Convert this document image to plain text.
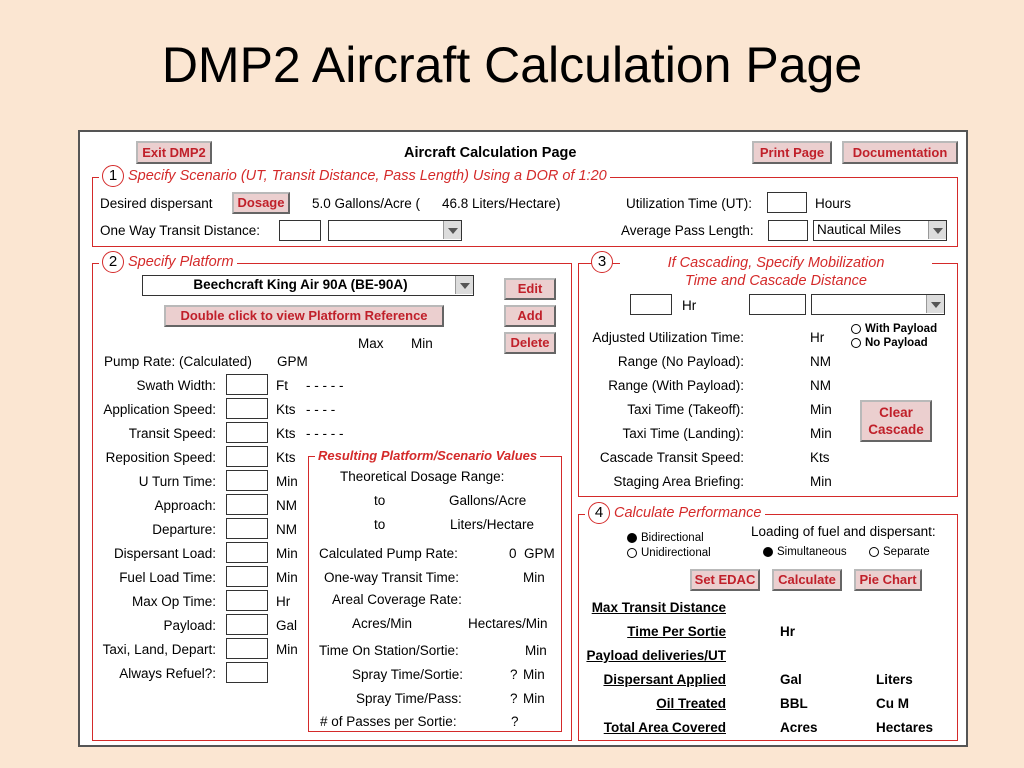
DMP2 Aircraft Calculation Page
Exit DMP2	Aircraft Calculation Page	Print Page	Documentation
1 Specify Scenario (UT, Transit Distance, Pass Length) Using a DOR of 1:20
Desired dispersant	Dosage	5.0 Gallons/Acre ( 46.8 Liters/Hectare)	Utilization Time (UT):	Hours
One Way Transit Distance:	Average Pass Length:	Nautical Miles
2 Specify Platform
Beechcraft King Air 90A (BE-90A)	Edit
Double click to view Platform Reference	Add
Delete
Max Min
Pump Rate: (Calculated) GPM
Swath Width:	Ft - - - - -
Application Speed:	Kts - - - -
Transit Speed:	Kts - - - - -
Reposition Speed:	Kts
U Turn Time:	Min
Approach:	NM
Departure:	NM
Dispersant Load:	Min
Fuel Load Time:	Min
Max Op Time:	Hr
Payload:	Gal
Taxi, Land, Depart:	Min
Always Refuel?:
Resulting Platform/Scenario Values
Theoretical Dosage Range:
to	Gallons/Acre
to	Liters/Hectare
Calculated Pump Rate:	0 GPM
One-way Transit Time:	Min
Areal Coverage Rate:
Acres/Min	Hectares/Min
Time On Station/Sortie:	Min
Spray Time/Sortie:	? Min
Spray Time/Pass:	? Min
# of Passes per Sortie:	?
3	If Cascading, Specify Mobilization
Time and Cascade Distance
Hr
Adjusted Utilization Time:	Hr
Range (No Payload):	NM
Range (With Payload):	NM
Taxi Time (Takeoff):	Min
Taxi Time (Landing):	Min
Cascade Transit Speed:	Kts
Staging Area Briefing:	Min
With Payload
No Payload
Clear
Cascade
4 Calculate Performance
Bidirectional
Unidirectional
Loading of fuel and dispersant:
Simultaneous	Separate
Set EDAC	Calculate	Pie Chart
Max Transit Distance
Time Per Sortie	Hr
Payload deliveries/UT
Dispersant Applied	Gal	Liters
Oil Treated	BBL	Cu M
Total Area Covered	Acres	Hectares
